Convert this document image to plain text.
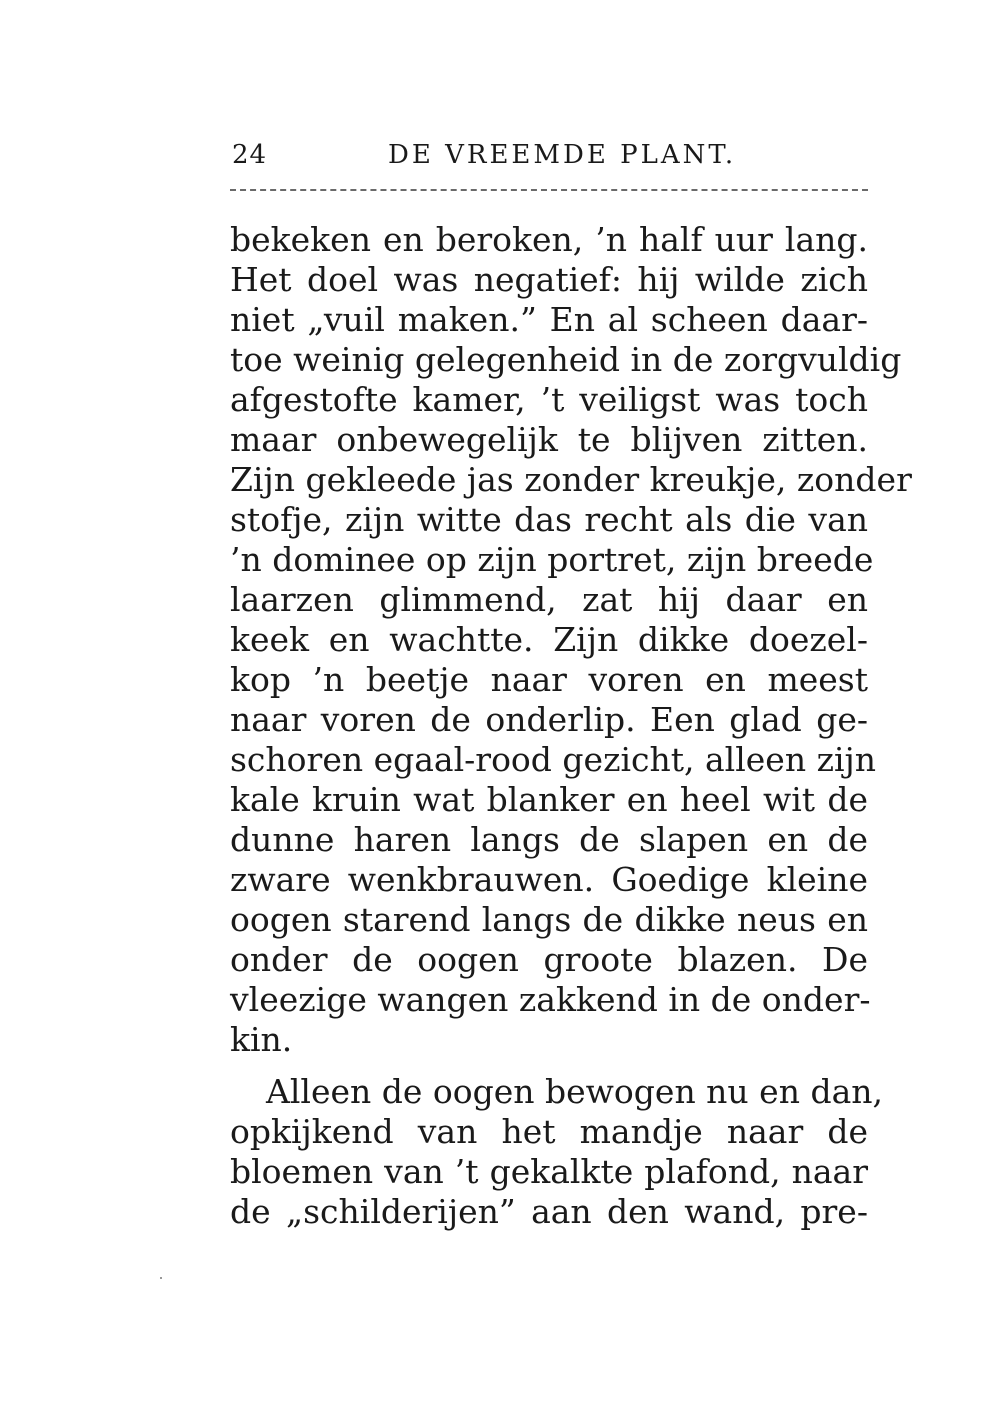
24	DE VREEMDE PLANT.
bekeken en beroken, ’n half uur lang.
Het doel was negatief: hij wilde zich
niet „vuil maken.” En al scheen daar-
toe weinig gelegenheid in de zorgvuldig
afgestofte kamer, ’t veiligst was toch
maar onbewegelijk te blijven zitten.
Zijn gekleede jas zonder kreukje, zonder
stofje, zijn witte das recht als die van
’n dominee op zijn portret, zijn breede
laarzen glimmend, zat hij daar en
keek en wachtte. Zijn dikke doezel-
kop ’n beetje naar voren en meest
naar voren de onderlip. Een glad ge-
schoren egaal-rood gezicht, alleen zijn
kale kruin wat blanker en heel wit de
dunne haren langs de slapen en de
zware wenkbrauwen. Goedige kleine
oogen starend langs de dikke neus en
onder de oogen groote blazen. De
vleezige wangen zakkend in de onder-
kin.
Alleen de oogen bewogen nu en dan,
opkijkend van het mandje naar de
bloemen van ’t gekalkte plafond, naar
de „schilderijen” aan den wand, pre-
